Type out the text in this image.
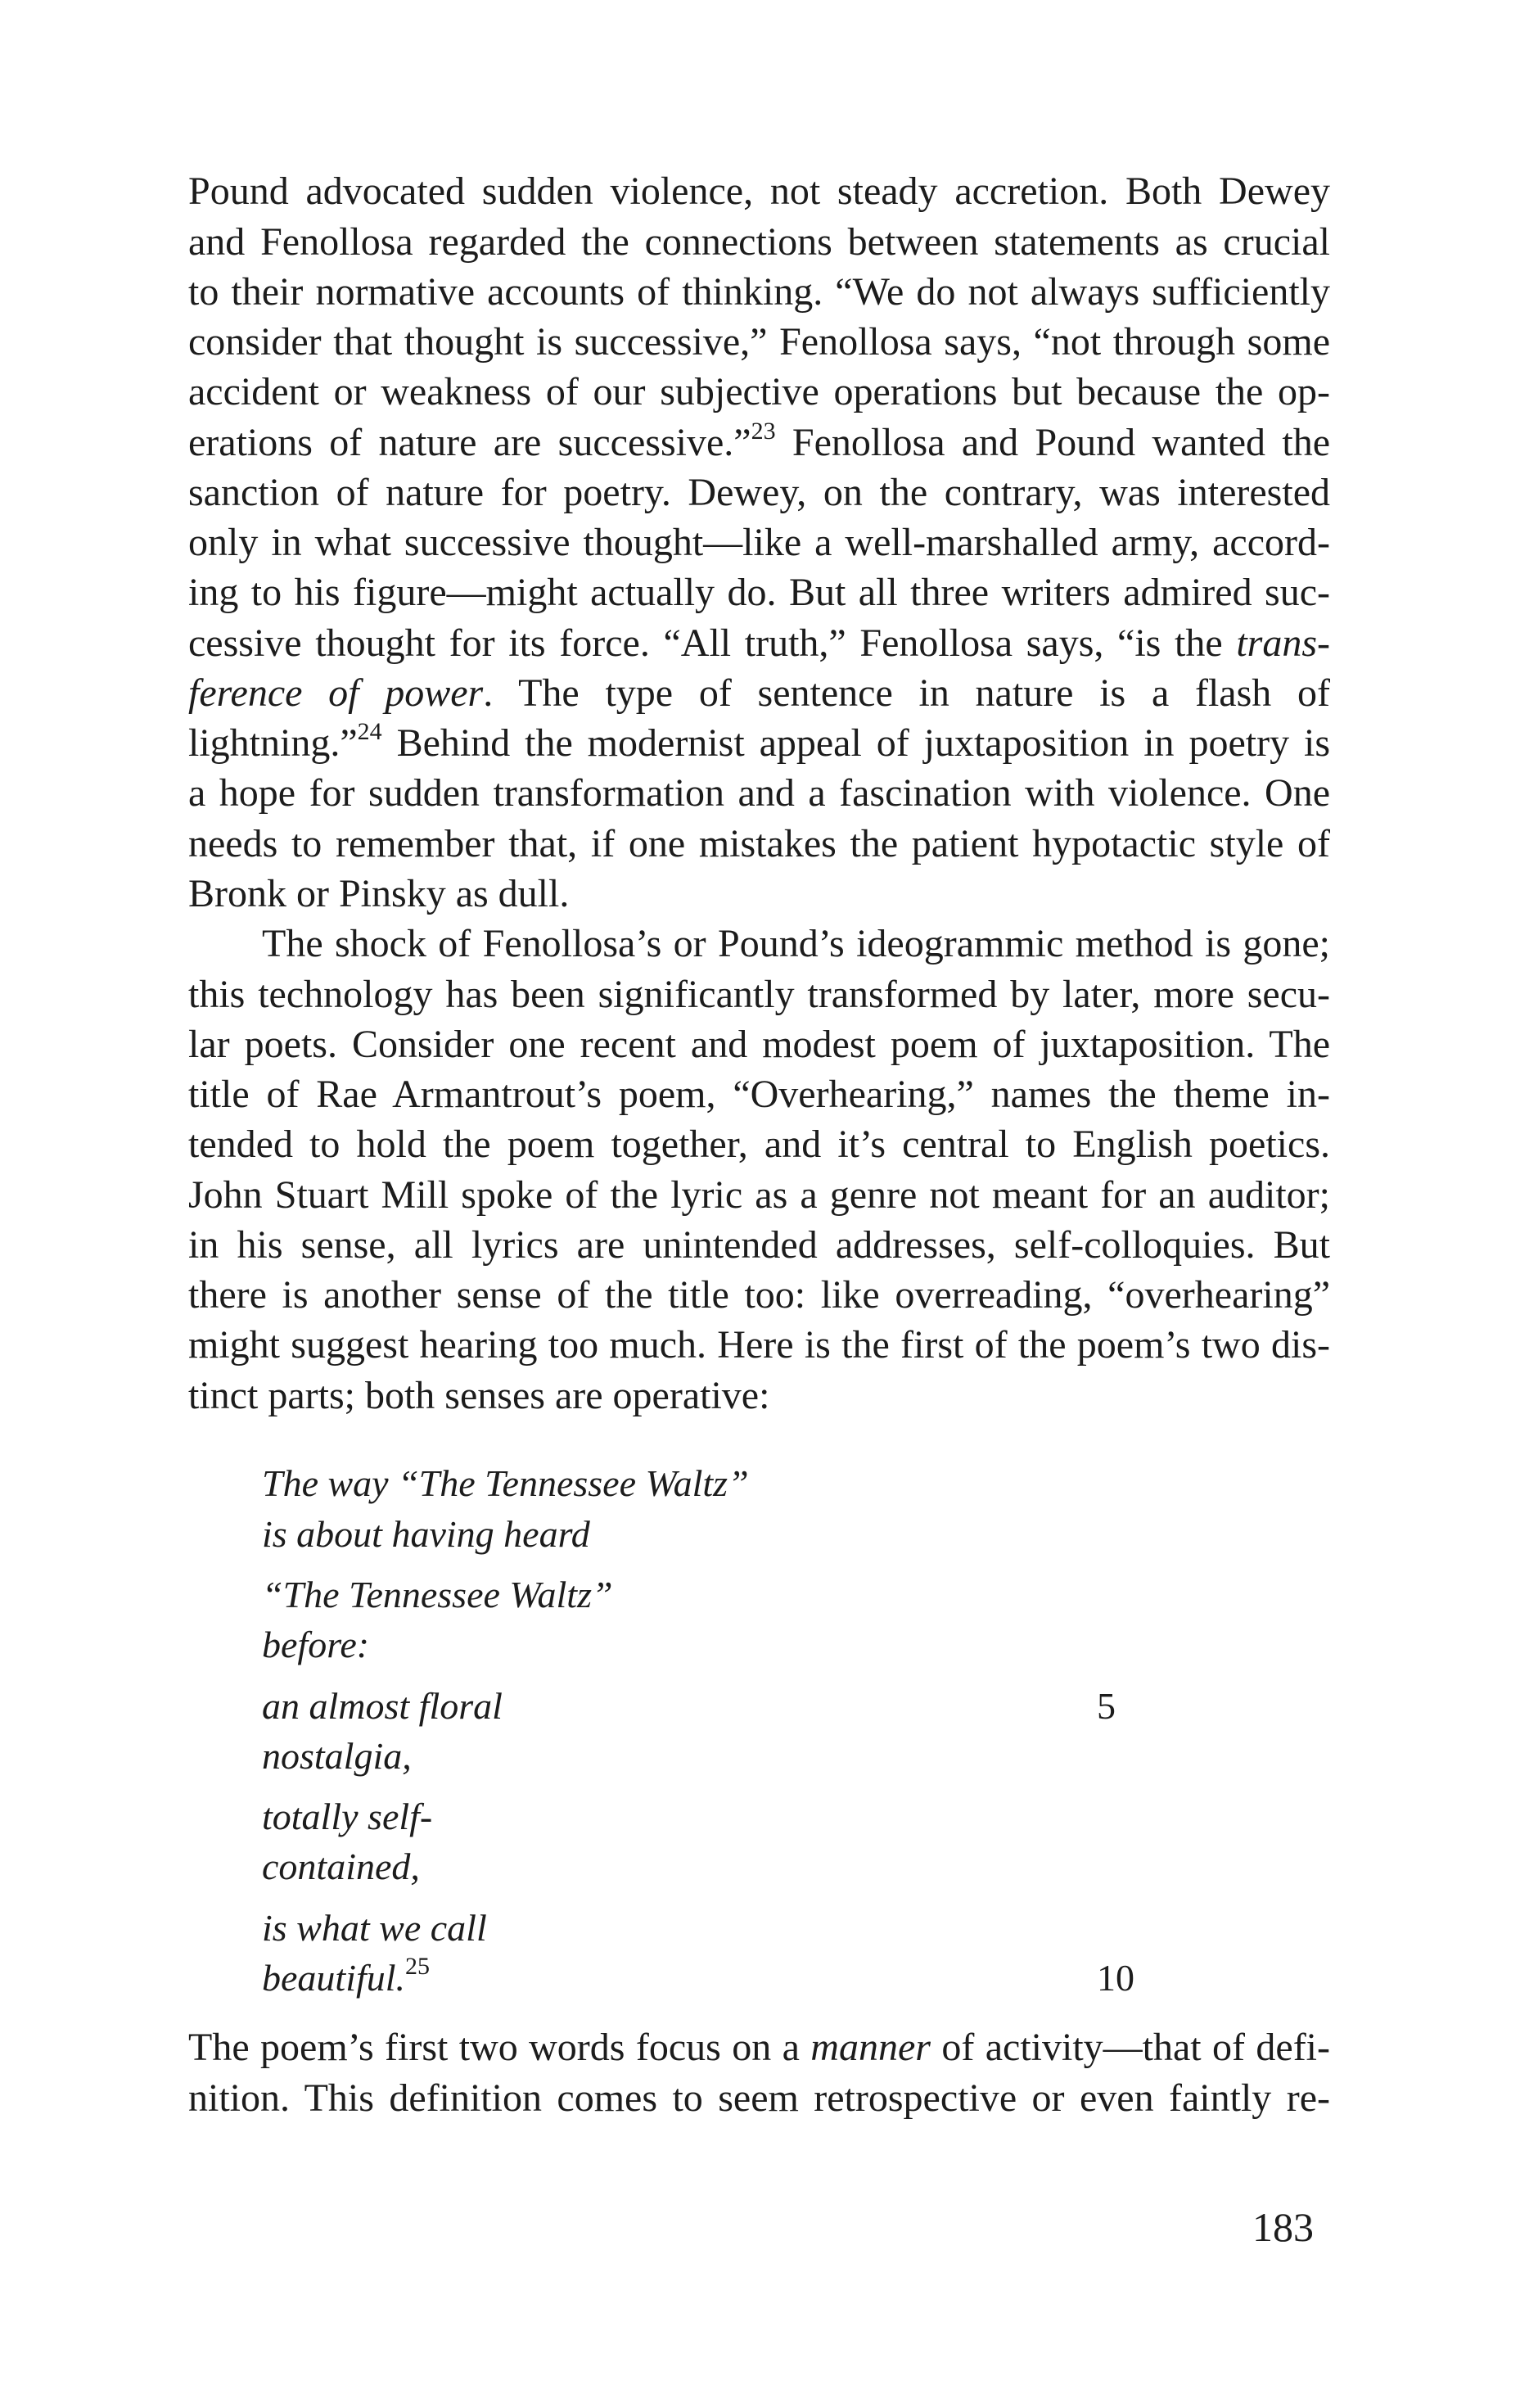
Pound advocated sudden violence, not steady accretion. Both Dewey
and Fenollosa regarded the connections between statements as crucial
to their normative accounts of thinking. “We do not always sufficiently
consider that thought is successive,” Fenollosa says, “not through some
accident or weakness of our subjective operations but because the op-
erations of nature are successive.”$^{23}$ Fenollosa and Pound wanted the
sanction of nature for poetry. Dewey, on the contrary, was interested
only in what successive thought—like a well-marshalled army, accord-
ing to his figure—might actually do. But all three writers admired suc-
cessive thought for its force. “All truth,” Fenollosa says, “is the trans-
ference of power. The type of sentence in nature is a flash of
lightning.”$^{24}$ Behind the modernist appeal of juxtaposition in poetry is
a hope for sudden transformation and a fascination with violence. One
needs to remember that, if one mistakes the patient hypotactic style of
Bronk or Pinsky as dull.
The shock of Fenollosa’s or Pound’s ideogrammic method is gone;
this technology has been significantly transformed by later, more secu-
lar poets. Consider one recent and modest poem of juxtaposition. The
title of Rae Armantrout’s poem, “Overhearing,” names the theme in-
tended to hold the poem together, and it’s central to English poetics.
John Stuart Mill spoke of the lyric as a genre not meant for an auditor;
in his sense, all lyrics are unintended addresses, self-colloquies. But
there is another sense of the title too: like overreading, “overhearing”
might suggest hearing too much. Here is the first of the poem’s two dis-
tinct parts; both senses are operative:
The way “The Tennessee Waltz”
is about having heard
“The Tennessee Waltz”
before:
an almost floral	5
nostalgia,
totally self-
contained,
is what we call
beautiful.$^{25}$	10
The poem’s first two words focus on a manner of activity—that of defi-
nition. This definition comes to seem retrospective or even faintly re-
183
